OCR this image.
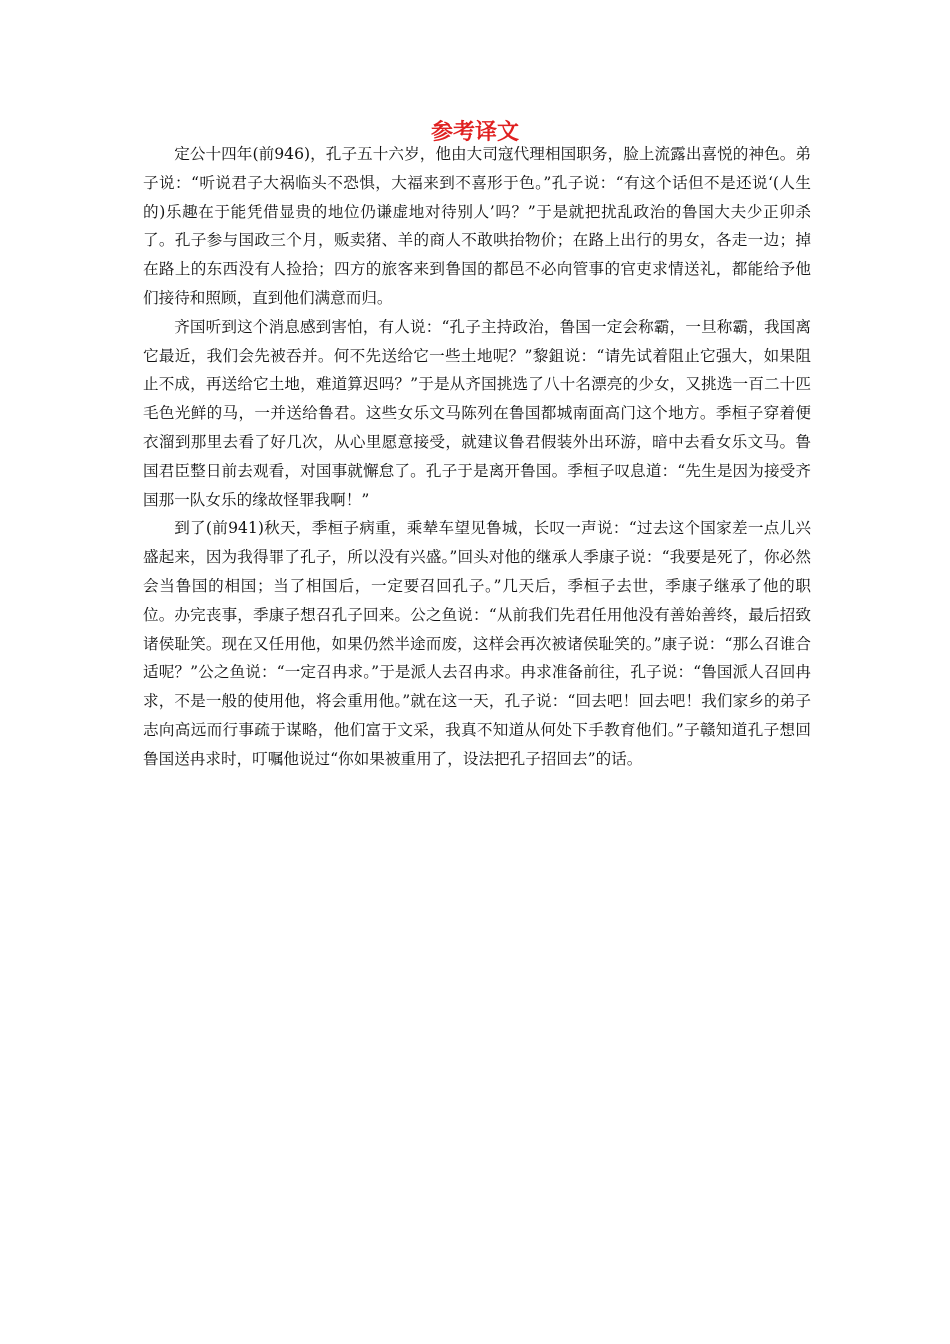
参考译文

定公十四年(前946)，孔子五十六岁，他由大司寇代理相国职务，脸上流露出喜悦的神色。弟子说：“听说君子大祸临头不恐惧，大福来到不喜形于色。”孔子说：“有这个话但不是还说‘(人生的)乐趣在于能凭借显贵的地位仍谦虚地对待别人’吗？”于是就把扰乱政治的鲁国大夫少正卯杀了。孔子参与国政三个月，贩卖猪、羊的商人不敢哄抬物价；在路上出行的男女，各走一边；掉在路上的东西没有人捡拾；四方的旅客来到鲁国的都邑不必向管事的官吏求情送礼，都能给予他们接待和照顾，直到他们满意而归。

齐国听到这个消息感到害怕，有人说：“孔子主持政治，鲁国一定会称霸，一旦称霸，我国离它最近，我们会先被吞并。何不先送给它一些土地呢？”黎鉏说：“请先试着阻止它强大，如果阻止不成，再送给它土地，难道算迟吗？”于是从齐国挑选了八十名漂亮的少女，又挑选一百二十匹毛色光鲜的马，一并送给鲁君。这些女乐文马陈列在鲁国都城南面高门这个地方。季桓子穿着便衣溜到那里去看了好几次，从心里愿意接受，就建议鲁君假装外出环游，暗中去看女乐文马。鲁国君臣整日前去观看，对国事就懈怠了。孔子于是离开鲁国。季桓子叹息道：“先生是因为接受齐国那一队女乐的缘故怪罪我啊！”

到了(前941)秋天，季桓子病重，乘辇车望见鲁城，长叹一声说：“过去这个国家差一点儿兴盛起来，因为我得罪了孔子，所以没有兴盛。”回头对他的继承人季康子说：“我要是死了，你必然会当鲁国的相国；当了相国后，一定要召回孔子。”几天后，季桓子去世，季康子继承了他的职位。办完丧事，季康子想召孔子回来。公之鱼说：“从前我们先君任用他没有善始善终，最后招致诸侯耻笑。现在又任用他，如果仍然半途而废，这样会再次被诸侯耻笑的。”康子说：“那么召谁合适呢？”公之鱼说：“一定召冉求。”于是派人去召冉求。冉求准备前往，孔子说：“鲁国派人召回冉求，不是一般的使用他，将会重用他。”就在这一天，孔子说：“回去吧！回去吧！我们家乡的弟子志向高远而行事疏于谋略，他们富于文采，我真不知道从何处下手教育他们。”子赣知道孔子想回鲁国送冉求时，叮嘱他说过“你如果被重用了，设法把孔子招回去”的话。
